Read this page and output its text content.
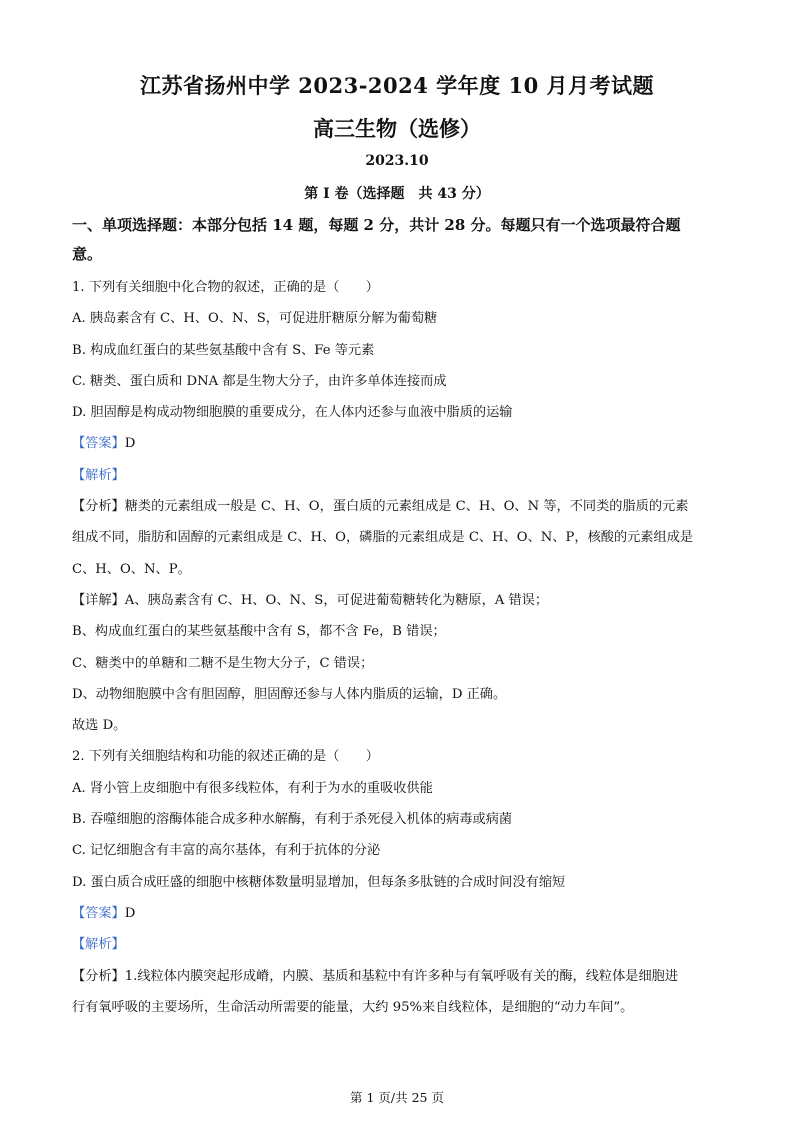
江苏省扬州中学 2023-2024 学年度 10 月月考试题
高三生物（选修）
2023.10
第 I 卷（选择题　共 43 分）
一、单项选择题：本部分包括 14 题，每题 2 分，共计 28 分。每题只有一个选项最符合题
意。
1. 下列有关细胞中化合物的叙述，正确的是（　　）
A. 胰岛素含有 C、H、O、N、S，可促进肝糖原分解为葡萄糖
B. 构成血红蛋白的某些氨基酸中含有 S、Fe 等元素
C. 糖类、蛋白质和 DNA 都是生物大分子，由许多单体连接而成
D. 胆固醇是构成动物细胞膜的重要成分，在人体内还参与血液中脂质的运输
【答案】D
【解析】
【分析】糖类的元素组成一般是 C、H、O，蛋白质的元素组成是 C、H、O、N 等，不同类的脂质的元素
组成不同，脂肪和固醇的元素组成是 C、H、O，磷脂的元素组成是 C、H、O、N、P，核酸的元素组成是
C、H、O、N、P。
【详解】A、胰岛素含有 C、H、O、N、S，可促进葡萄糖转化为糖原，A 错误；
B、构成血红蛋白的某些氨基酸中含有 S，都不含 Fe，B 错误；
C、糖类中的单糖和二糖不是生物大分子，C 错误；
D、动物细胞膜中含有胆固醇，胆固醇还参与人体内脂质的运输，D 正确。
故选 D。
2. 下列有关细胞结构和功能的叙述正确的是（　　）
A. 肾小管上皮细胞中有很多线粒体，有利于为水的重吸收供能
B. 吞噬细胞的溶酶体能合成多种水解酶，有利于杀死侵入机体的病毒或病菌
C. 记忆细胞含有丰富的高尔基体，有利于抗体的分泌
D. 蛋白质合成旺盛的细胞中核糖体数量明显增加，但每条多肽链的合成时间没有缩短
【答案】D
【解析】
【分析】1.线粒体内膜突起形成嵴，内膜、基质和基粒中有许多种与有氧呼吸有关的酶，线粒体是细胞进
行有氧呼吸的主要场所，生命活动所需要的能量，大约 95%来自线粒体，是细胞的“动力车间”。
第 1 页/共 25 页
